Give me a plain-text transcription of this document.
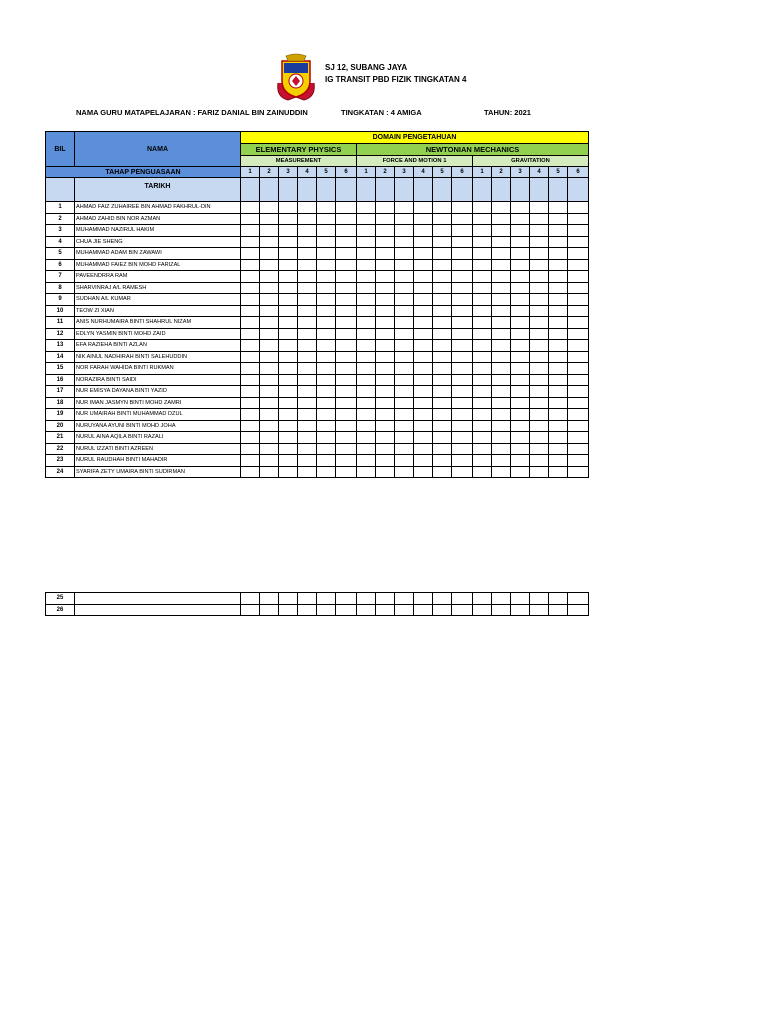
SJ 12, SUBANG JAYA
IG TRANSIT PBD FIZIK TINGKATAN 4
NAMA GURU MATAPELAJARAN : FARIZ DANIAL BIN ZAINUDDIN	TINGKATAN : 4 AMIGA	TAHUN: 2021
BIL	NAMA	DOMAIN PENGETAHUAN																	
		ELEMENTARY PHYSICS						NEWTONIAN MECHANICS											
		MEASUREMENT						FORCE AND MOTION 1						GRAVITATION					
TAHAP PENGUASAAN		1	2	3	4	5	6	1	2	3	4	5	6	1	2	3	4	5	6
	TARIKH																		
1	AHMAD FAIZ ZUHAIREE BIN AHMAD FAKHRUL-DIN																		
2	AHMAD ZAHID BIN NOR AZMAN																		
3	MUHAMMAD NAZIRUL HAKIM																		
4	CHUA JIE SHENG																		
5	MUHAMMAD ADAM BIN ZAWAWI																		
6	MUHAMMAD FAIEZ BIN MOHD FARIZAL																		
7	PAVEENDRRA RAM																		
8	SHARVINRAJ A/L RAMESH																		
9	SUDHAN A/L KUMAR																		
10	TEOW ZI XIAN																		
11	ANIS NURHUMAIRA BINTI SHAHRUL NIZAM																		
12	EDLYN YASMIN BINTI MOHD ZAID																		
13	EFA RAZIEHA BINTI AZLAN																		
14	NIK AINUL NADHIRAH BINTI SALEHUDDIN																		
15	NOR FARAH WAHIDA BINTI RUKMAN																		
16	NORAZIRA BINTI SAIDI																		
17	NUR EMISYA DAYANA BINTI YAZID																		
18	NUR IMAN JASMYN BINTI MOHD ZAMRI																		
19	NUR UMAIRAH BINTI MUHAMMAD DZUL																		
20	NURUYANA AYUNI BINTI MOHD JOHA																		
21	NURUL AINA AQILA BINTI RAZALI																		
22	NURUL IZZATI BINTI AZREEN																		
23	NURUL RAUDHAH BINTI MAHADIR																		
24	SYARIFA ZETY UMAIRA BINTI SUDIRMAN																		
25																			
26																			
